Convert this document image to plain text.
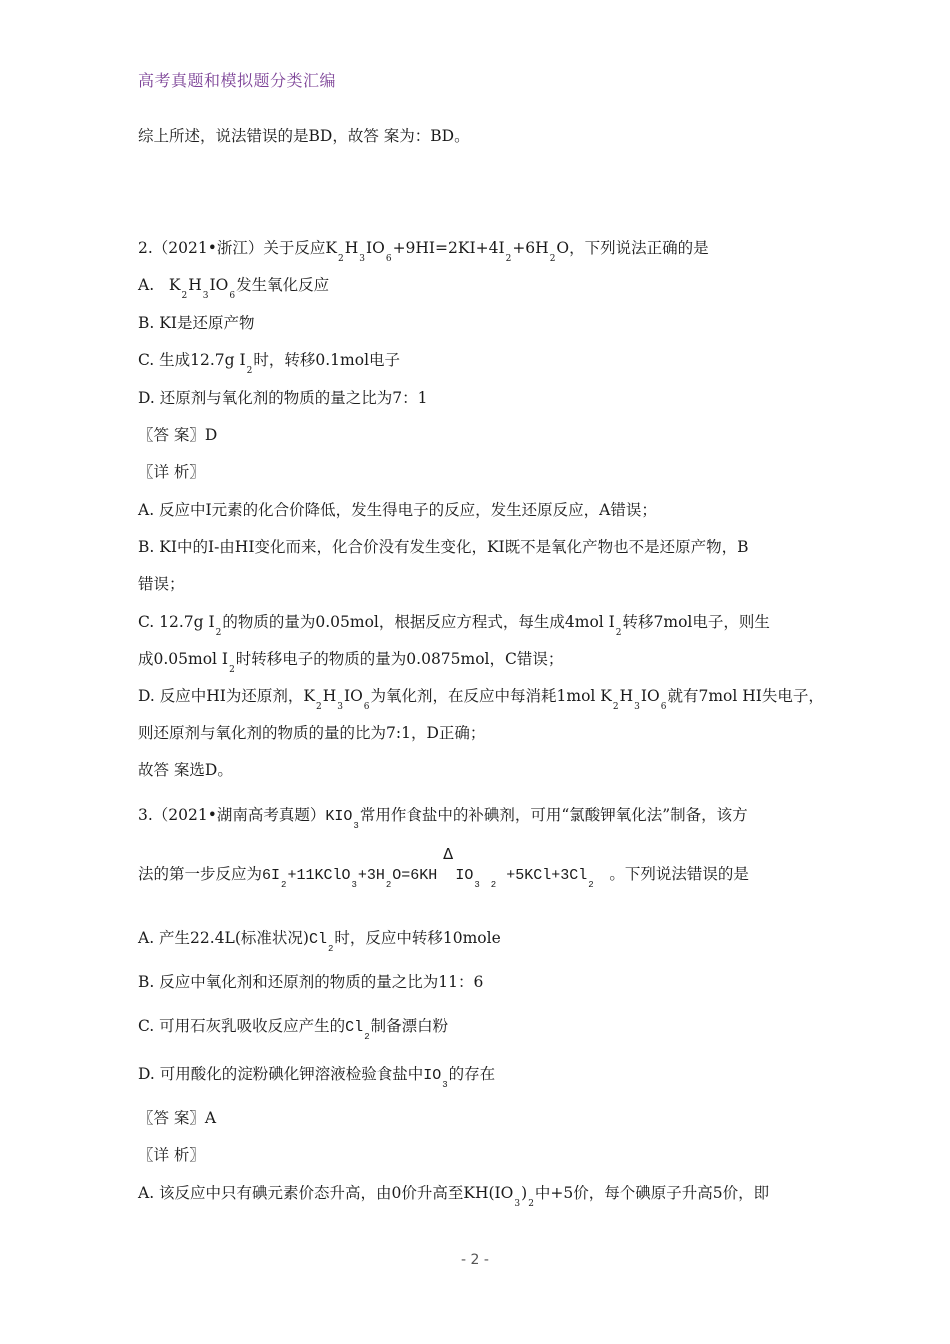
高考真题和模拟题分类汇编
综上所述，说法错误的是BD，故答 案为：BD。
2.（2021•浙江）关于反应$K_2H_3IO_6+9HI=2KI+4I_2+6H_2O$，下列说法正确的是
A. $K_2H_3IO_6$发生氧化反应
B. KI是还原产物
C. 生成12.7g $I_2$时，转移0.1mol电子
D. 还原剂与氧化剂的物质的量之比为7：1
〖答 案〗D
〖详 析〗
A. 反应中I元素的化合价降低，发生得电子的反应，发生还原反应，A错误；
B. KI中的I-由HI变化而来，化合价没有发生变化，KI既不是氧化产物也不是还原产物，B
错误；
C. 12.7g $I_2$的物质的量为0.05mol，根据反应方程式，每生成4mol $I_2$转移7mol电子，则生
成0.05mol $I_2$时转移电子的物质的量为0.0875mol，C错误；
D. 反应中HI为还原剂，$K_2H_3IO_6$为氧化剂，在反应中每消耗1mol $K_2H_3IO_6$就有7mol HI失电子，
则还原剂与氧化剂的物质的量的比为7:1，D正确；
故答 案选D。
3.（2021•湖南高考真题）$KIO_3$常用作食盐中的补碘剂，可用“氯酸钾氧化法”制备，该方
Δ
法的第一步反应为$6I_2+11KClO_3+3H_2O=6KH$ $IO_3$ $_2 +5KCl+3Cl_2$   。下列说法错误的是
A. 产生22.4L(标准状况)$Cl_2$时，反应中转移10mole
B. 反应中氧化剂和还原剂的物质的量之比为11：6
C. 可用石灰乳吸收反应产生的$Cl_2$制备漂白粉
D. 可用酸化的淀粉碘化钾溶液检验食盐中$IO_3$的存在
〖答 案〗A
〖详 析〗
A. 该反应中只有碘元素价态升高，由0价升高至$KH(IO_3)_2$中+5价，每个碘原子升高5价，即
- 2 -
